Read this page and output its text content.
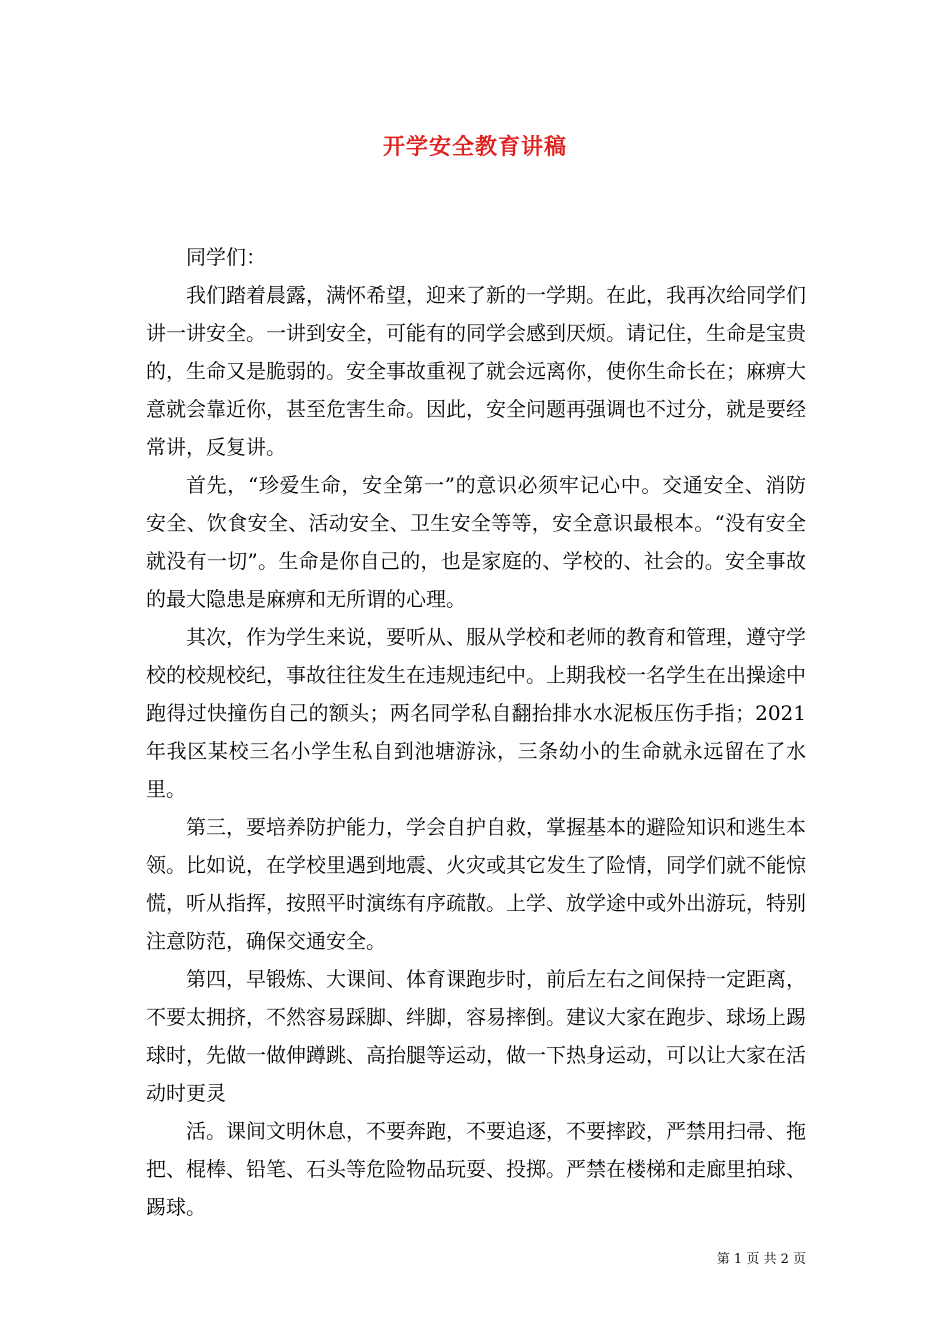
开学安全教育讲稿

同学们：

我们踏着晨露，满怀希望，迎来了新的一学期。在此，我再次给同学们讲一讲安全。一讲到安全，可能有的同学会感到厌烦。请记住，生命是宝贵的，生命又是脆弱的。安全事故重视了就会远离你，使你生命长在；麻痹大意就会靠近你，甚至危害生命。因此，安全问题再强调也不过分，就是要经常讲，反复讲。

首先，“珍爱生命，安全第一”的意识必须牢记心中。交通安全、消防安全、饮食安全、活动安全、卫生安全等等，安全意识最根本。“没有安全就没有一切”。生命是你自己的，也是家庭的、学校的、社会的。安全事故的最大隐患是麻痹和无所谓的心理。

其次，作为学生来说，要听从、服从学校和老师的教育和管理，遵守学校的校规校纪，事故往往发生在违规违纪中。上期我校一名学生在出操途中跑得过快撞伤自己的额头；两名同学私自翻抬排水水泥板压伤手指；2021年我区某校三名小学生私自到池塘游泳，三条幼小的生命就永远留在了水里。

第三，要培养防护能力，学会自护自救，掌握基本的避险知识和逃生本领。比如说，在学校里遇到地震、火灾或其它发生了险情，同学们就不能惊慌，听从指挥，按照平时演练有序疏散。上学、放学途中或外出游玩，特别注意防范，确保交通安全。

第四，早锻炼、大课间、体育课跑步时，前后左右之间保持一定距离，不要太拥挤，不然容易踩脚、绊脚，容易摔倒。建议大家在跑步、球场上踢球时，先做一做伸蹲跳、高抬腿等运动，做一下热身运动，可以让大家在活动时更灵

活。课间文明休息，不要奔跑，不要追逐，不要摔跤，严禁用扫帚、拖把、棍棒、铅笔、石头等危险物品玩耍、投掷。严禁在楼梯和走廊里拍球、踢球。

第 1 页 共 2 页
